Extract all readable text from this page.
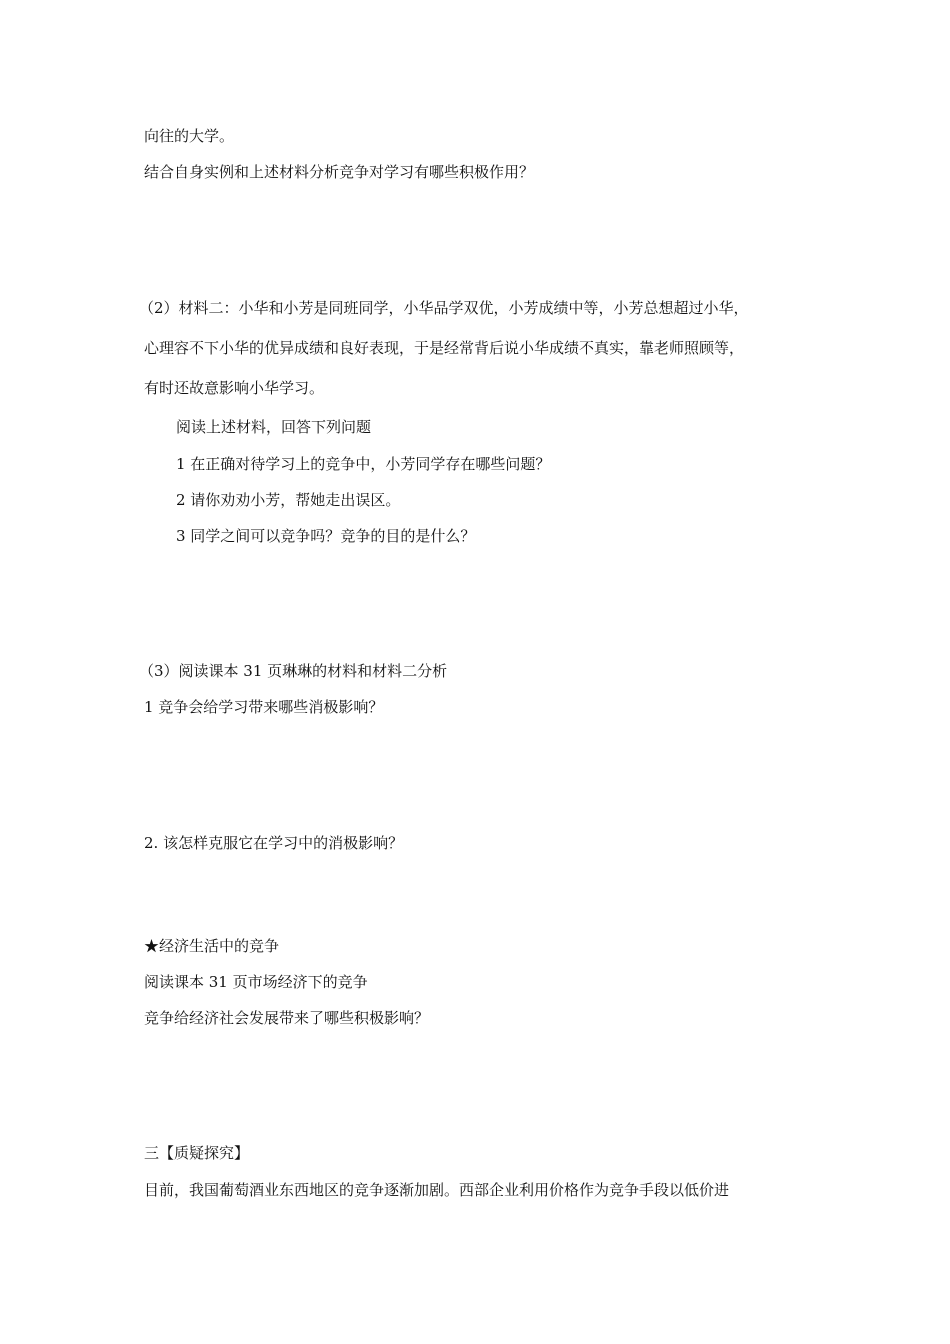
向往的大学。
结合自身实例和上述材料分析竞争对学习有哪些积极作用？
（2）材料二：小华和小芳是同班同学，小华品学双优，小芳成绩中等，小芳总想超过小华，
心理容不下小华的优异成绩和良好表现，于是经常背后说小华成绩不真实，靠老师照顾等，
有时还故意影响小华学习。
阅读上述材料，回答下列问题
1 在正确对待学习上的竞争中，小芳同学存在哪些问题？
2 请你劝劝小芳，帮她走出误区。
3 同学之间可以竞争吗？竞争的目的是什么？
（3）阅读课本 31 页琳琳的材料和材料二分析
1 竞争会给学习带来哪些消极影响？
2. 该怎样克服它在学习中的消极影响？
★经济生活中的竞争
阅读课本 31 页市场经济下的竞争
竞争给经济社会发展带来了哪些积极影响？
三【质疑探究】
目前，我国葡萄酒业东西地区的竞争逐渐加剧。西部企业利用价格作为竞争手段以低价进
